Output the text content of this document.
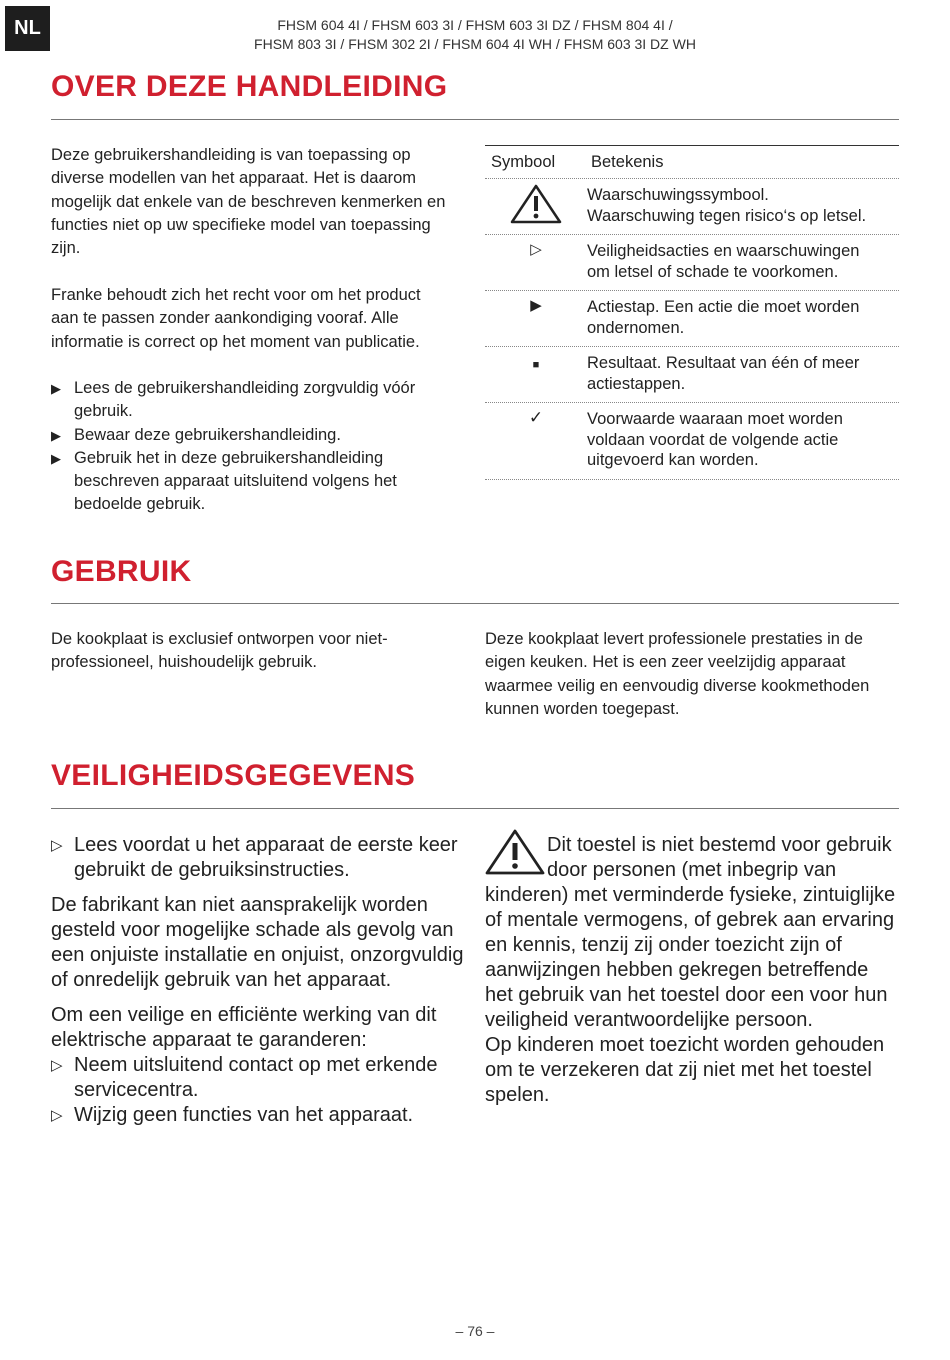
NL	FHSM 604 4I / FHSM 603 3I / FHSM 603 3I DZ / FHSM 804 4I /
FHSM 803 3I / FHSM 302 2I / FHSM 604 4I WH / FHSM 603 3I DZ WH
OVER DEZE HANDLEIDING

Deze gebruikershandleiding is van toepassing op diverse modellen van het apparaat. Het is daarom mogelijk dat enkele van de beschreven kenmerken en functies niet op uw specifieke model van toepassing zijn.

Franke behoudt zich het recht voor om het product aan te passen zonder aankondiging vooraf. Alle informatie is correct op het moment van publicatie.

▶ Lees de gebruikershandleiding zorgvuldig vóór gebruik.
▶ Bewaar deze gebruikershandleiding.
▶ Gebruik het in deze gebruikershandleiding beschreven apparaat uitsluitend volgens het bedoelde gebruik.
Symbool	Betekenis
Waarschuwingssymbool.
Waarschuwing tegen risico‘s op letsel.
▷	Veiligheidsacties en waarschuwingen
om letsel of schade te voorkomen.
▶	Actiestap. Een actie die moet worden
ondernomen.
■	Resultaat. Resultaat van één of meer
actiestappen.
✓	Voorwaarde waaraan moet worden
voldaan voordat de volgende actie
uitgevoerd kan worden.
GEBRUIK

De kookplaat is exclusief ontworpen voor niet-professioneel, huishoudelijk gebruik.

Deze kookplaat levert professionele prestaties in de eigen keuken. Het is een zeer veelzijdig apparaat waarmee veilig en eenvoudig diverse kookmethoden kunnen worden toegepast.

VEILIGHEIDSGEGEVENS
▷ Lees voordat u het apparaat de eerste keer gebruikt de gebruiksinstructies.

De fabrikant kan niet aansprakelijk worden gesteld voor mogelijke schade als gevolg van een onjuiste installatie en onjuist, onzorgvuldig of onredelijk gebruik van het apparaat.

Om een veilige en efficiënte werking van dit elektrische apparaat te garanderen:

▷ Neem uitsluitend contact op met erkende servicecentra.
▷ Wijzig geen functies van het apparaat.

Dit toestel is niet bestemd voor gebruik door personen (met inbegrip van kinderen) met verminderde fysieke, zintuiglijke of mentale vermogens, of gebrek aan ervaring en kennis, tenzij zij onder toezicht zijn of aanwijzingen hebben gekregen betreffende het gebruik van het toestel door een voor hun veiligheid verantwoordelijke persoon.

Op kinderen moet toezicht worden gehouden om te verzekeren dat zij niet met het toestel spelen.

– 76 –
